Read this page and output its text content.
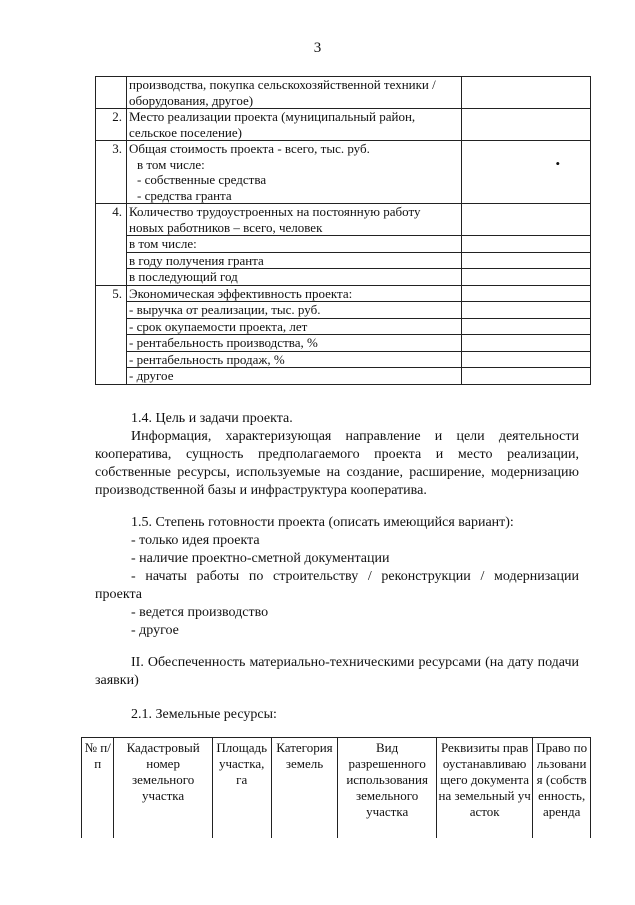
3

	производства, покупка сельскохозяйственной техники /
оборудования, другое)	

2.	Место реализации проекта (муниципальный район,
сельское поселение)	

3.	Общая стоимость проекта - всего, тыс. руб.
в том числе:
- собственные средства
- средства гранта	•

4.	Количество трудоустроенных на постоянную работу
новых работников – всего, человек	

	в том числе:	
	в году получения гранта	
	в последующий год	
5.	Экономическая эффективность проекта:	
	- выручка от реализации, тыс. руб.	
	- срок окупаемости проекта, лет	
	- рентабельность производства, %	
	- рентабельность продаж, %	
	- другое	

1.4. Цель и задачи проекта.

Информация, характеризующая направление и цели деятельности кооператива, сущность предполагаемого проекта и место реализации, собственные ресурсы, используемые на создание, расширение, модернизацию производственной базы и инфраструктура кооператива.

1.5. Степень готовности проекта (описать имеющийся вариант):

- только идея проекта

- наличие проектно-сметной документации

- начаты работы по строительству / реконструкции / модернизации проекта

- ведется производство

- другое

II. Обеспеченность материально-техническими ресурсами (на дату подачи заявки)

2.1. Земельные ресурсы:

№ п/п	Кадастровый номер земельного участка	Площадь участка, га	Категория земель	Вид разрешенного использования земельного участка	Реквизиты правоустанавливающего документа на земельный участок	Право пользования (собственность, аренда
